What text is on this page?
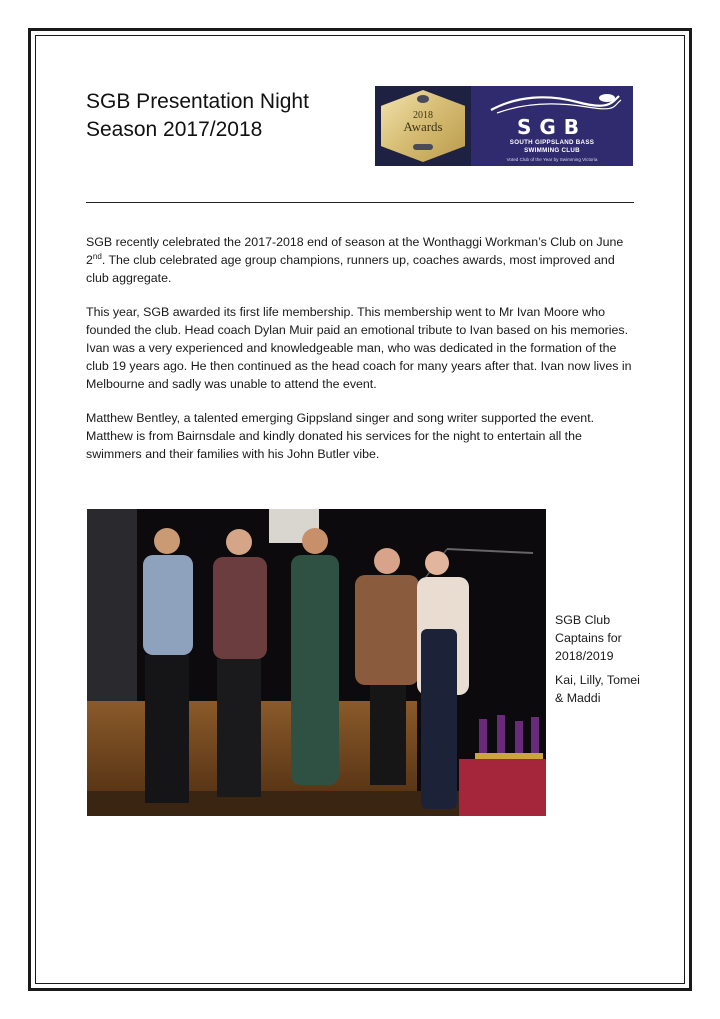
SGB Presentation Night
Season 2017/2018
2018
Awards	SGB
SOUTH GIPPSLAND BASS
SWIMMING CLUB
Voted Club of the Year by Swimming Victoria

SGB recently celebrated the 2017-2018 end of season at the Wonthaggi Workman’s Club on June 2nd. The club celebrated age group champions, runners up, coaches awards, most improved and club aggregate.

This year, SGB awarded its first life membership. This membership went to Mr Ivan Moore who founded the club. Head coach Dylan Muir paid an emotional tribute to Ivan based on his memories. Ivan was a very experienced and knowledgeable man, who was dedicated in the formation of the club 19 years ago. He then continued as the head coach for many years after that. Ivan now lives in Melbourne and sadly was unable to attend the event.

Matthew Bentley, a talented emerging Gippsland singer and song writer supported the event. Matthew is from Bairnsdale and kindly donated his services for the night to entertain all the swimmers and their families with his John Butler vibe.

SGB Club Captains for 2018/2019

Kai, Lilly, Tomei & Maddi
